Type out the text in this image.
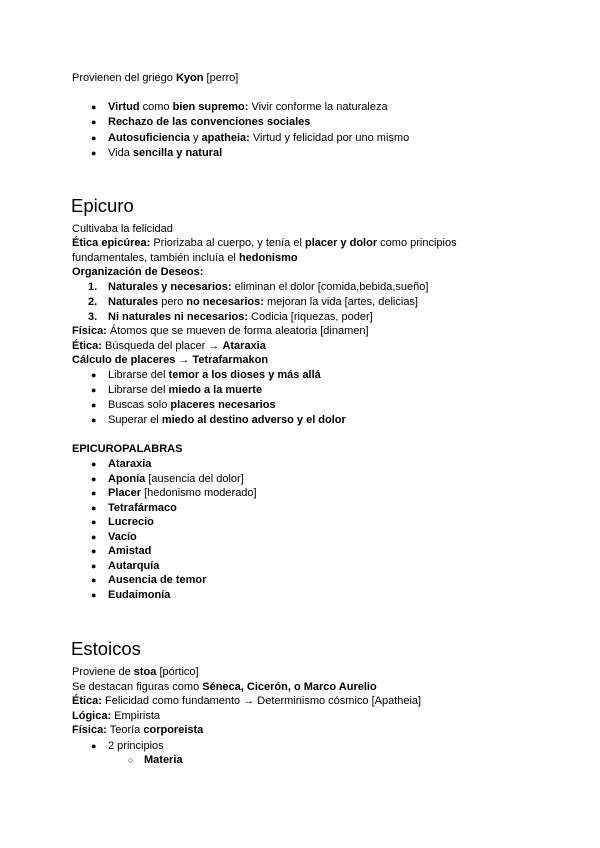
Provienen del griego Kyon [perro]
● Virtud como bien supremo: Vivir conforme la naturaleza
● Rechazo de las convenciones sociales
● Autosuficiencia y apatheia: Virtud y felicidad por uno mismo
● Vida sencilla y natural
Epicuro
Cultivaba la felicidad
Ética epicúrea: Priorizaba al cuerpo, y tenía el placer y dolor como principios
fundamentales, también incluía el hedonismo
Organización de Deseos:
1. Naturales y necesarios: eliminan el dolor [comida,bebida,sueño]
2. Naturales pero no necesarios: mejoran la vida [artes, delicias]
3. Ni naturales ni necesarios: Codicia [riquezas, poder]
Física: Átomos que se mueven de forma aleatoria [dinamen]
Ética: Búsqueda del placer → Ataraxia
Cálculo de placeres → Tetrafarmakon
● Librarse del temor a los dioses y más allá
● Librarse del miedo a la muerte
● Buscas solo placeres necesarios
● Superar el miedo al destino adverso y el dolor
EPICUROPALABRAS
● Ataraxia
● Aponía [ausencia del dolor]
● Placer [hedonismo moderado]
● Tetrafármaco
● Lucrecio
● Vacío
● Amistad
● Autarquía
● Ausencia de temor
● Eudaimonía
Estoicos
Proviene de stoa [pórtico]
Se destacan figuras como Séneca, Cicerón, o Marco Aurelio
Ética: Felicidad como fundamento → Determinismo cósmico [Apatheia]
Lógica: Empirista
Física: Teoría corporeista
● 2 principios
○ Materia
